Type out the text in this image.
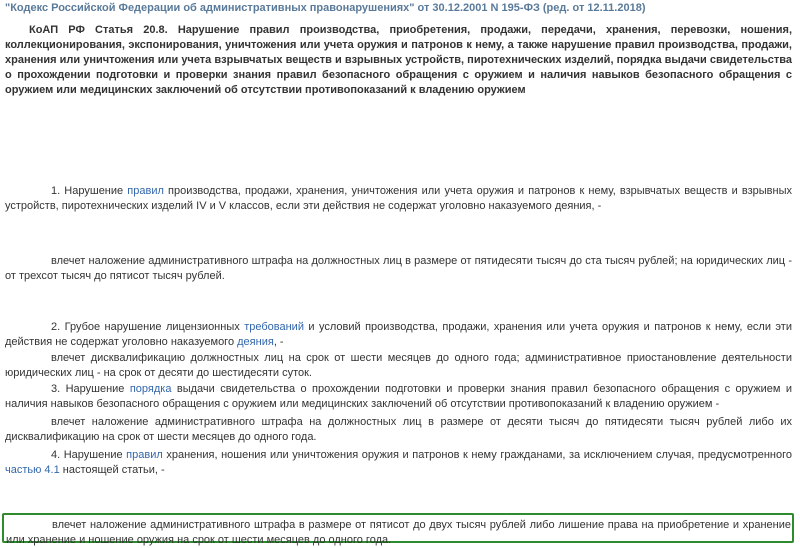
"Кодекс Российской Федерации об административных правонарушениях" от 30.12.2001 N 195-ФЗ (ред. от 12.11.2018)
КоАП РФ Статья 20.8. Нарушение правил производства, приобретения, продажи, передачи, хранения, перевозки, ношения, коллекционирования, экспонирования, уничтожения или учета оружия и патронов к нему, а также нарушение правил производства, продажи, хранения или уничтожения или учета взрывчатых веществ и взрывных устройств, пиротехнических изделий, порядка выдачи свидетельства о прохождении подготовки и проверки знания правил безопасного обращения с оружием и наличия навыков безопасного обращения с оружием или медицинских заключений об отсутствии противопоказаний к владению оружием
1. Нарушение правил производства, продажи, хранения, уничтожения или учета оружия и патронов к нему, взрывчатых веществ и взрывных устройств, пиротехнических изделий IV и V классов, если эти действия не содержат уголовно наказуемого деяния, -
влечет наложение административного штрафа на должностных лиц в размере от пятидесяти тысяч до ста тысяч рублей; на юридических лиц - от трехсот тысяч до пятисот тысяч рублей.
2. Грубое нарушение лицензионных требований и условий производства, продажи, хранения или учета оружия и патронов к нему, если эти действия не содержат уголовно наказуемого деяния, -
влечет дисквалификацию должностных лиц на срок от шести месяцев до одного года; административное приостановление деятельности юридических лиц - на срок от десяти до шестидесяти суток.
3. Нарушение порядка выдачи свидетельства о прохождении подготовки и проверки знания правил безопасного обращения с оружием и наличия навыков безопасного обращения с оружием или медицинских заключений об отсутствии противопоказаний к владению оружием -
влечет наложение административного штрафа на должностных лиц в размере от десяти тысяч до пятидесяти тысяч рублей либо их дисквалификацию на срок от шести месяцев до одного года.
4. Нарушение правил хранения, ношения или уничтожения оружия и патронов к нему гражданами, за исключением случая, предусмотренного частью 4.1 настоящей статьи, -
влечет наложение административного штрафа в размере от пятисот до двух тысяч рублей либо лишение права на приобретение и хранение или хранение и ношение оружия на срок от шести месяцев до одного года.
